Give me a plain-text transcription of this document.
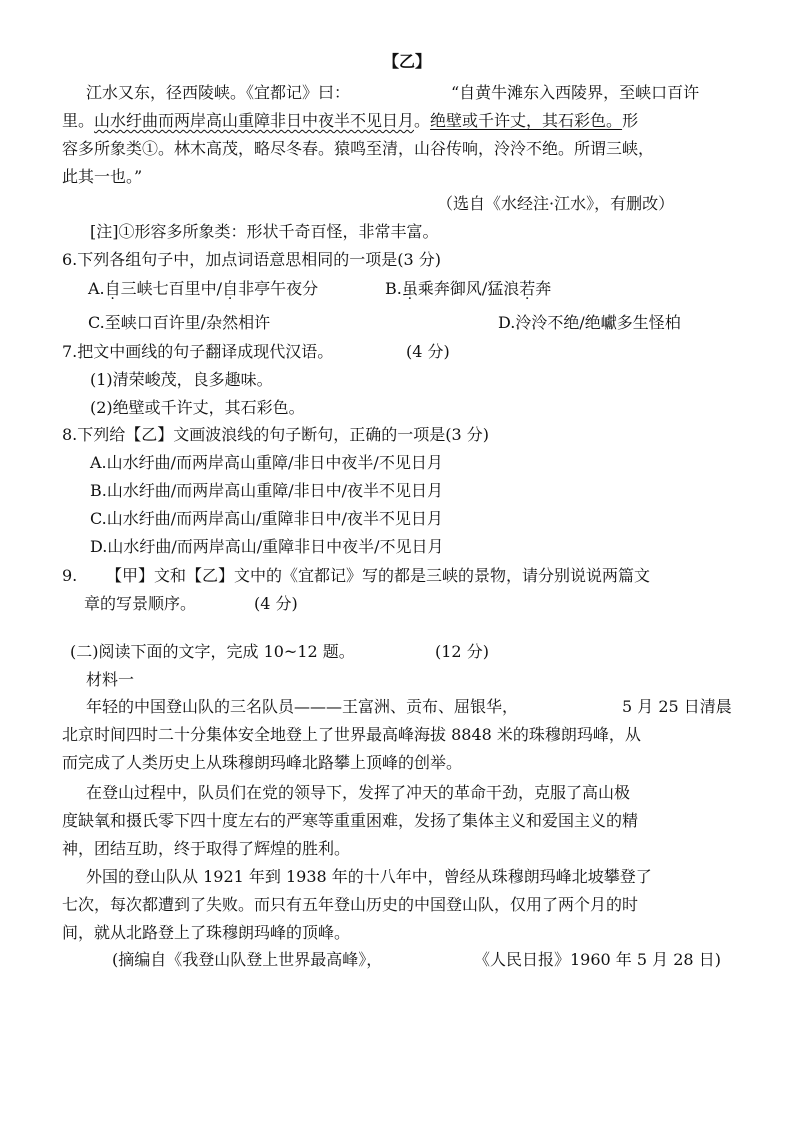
【乙】
江水又东，径西陵峡。《宜都记》曰：	“自黄牛滩东入西陵界，至峡口百许
里。山水纡曲而两岸高山重障非日中夜半不见日月。绝壁或千许丈，其石彩色。形
容多所象类①。林木高茂，略尽冬春。猿鸣至清，山谷传响，泠泠不绝。所谓三峡，
此其一也。”
（选自《水经注·江水》，有删改）
[注]①形容多所象类：形状千奇百怪，非常丰富。
6.下列各组句子中，加点词语意思相同的一项是(3 分)
A.自三峡七百里中/自非亭午夜分	B.虽乘奔御风/猛浪若奔
C.至峡口百许里/杂然相许	D.泠泠不绝/绝巘多生怪柏
7.把文中画线的句子翻译成现代汉语。	(4 分)
(1)清荣峻茂，良多趣味。
(2)绝壁或千许丈，其石彩色。
8.下列给【乙】文画波浪线的句子断句，正确的一项是(3 分)
A.山水纡曲/而两岸高山重障/非日中夜半/不见日月
B.山水纡曲/而两岸高山重障/非日中/夜半不见日月
C.山水纡曲/而两岸高山/重障非日中/夜半不见日月
D.山水纡曲/而两岸高山/重障非日中夜半/不见日月
9. 【甲】文和【乙】文中的《宜都记》写的都是三峡的景物，请分别说说两篇文
章的写景顺序。	(4 分)
(二)阅读下面的文字，完成 10~12 题。	(12 分)
材料一
年轻的中国登山队的三名队员———王富洲、贡布、屈银华，	5 月 25 日清晨
北京时间四时二十分集体安全地登上了世界最高峰海拔 8848 米的珠穆朗玛峰，从
而完成了人类历史上从珠穆朗玛峰北路攀上顶峰的创举。
在登山过程中，队员们在党的领导下，发挥了冲天的革命干劲，克服了高山极
度缺氧和摄氏零下四十度左右的严寒等重重困难，发扬了集体主义和爱国主义的精
神，团结互助，终于取得了辉煌的胜利。
外国的登山队从 1921 年到 1938 年的十八年中，曾经从珠穆朗玛峰北坡攀登了
七次，每次都遭到了失败。而只有五年登山历史的中国登山队，仅用了两个月的时
间，就从北路登上了珠穆朗玛峰的顶峰。
(摘编自《我登山队登上世界最高峰》，	《人民日报》1960 年 5 月 28 日)
